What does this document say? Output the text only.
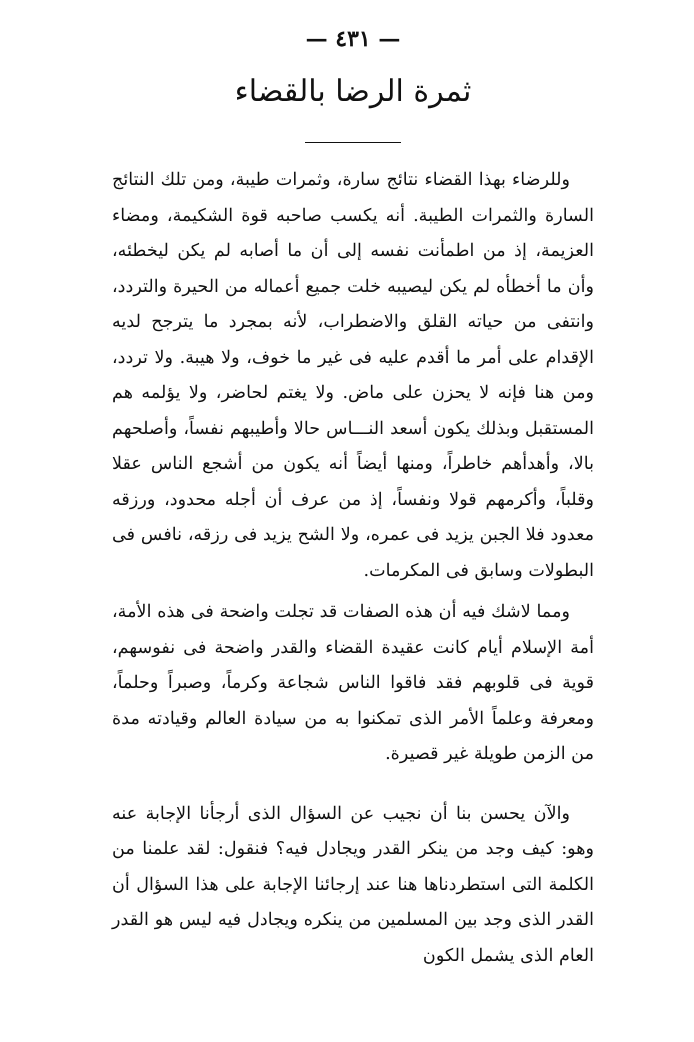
— ٤٣١ —
ثمرة الرضا بالقضاء

وللرضاء بهذا القضاء نتائج سارة، وثمرات طيبة، ومن تلك النتائج السارة والثمرات الطيبة. أنه يكسب صاحبه قوة الشكيمة، ومضاء العزيمة، إذ من اطمأنت نفسه إلى أن ما أصابه لم يكن ليخطئه، وأن ما أخطأه لم يكن ليصيبه خلت جميع أعماله من الحيرة والتردد، وانتفى من حياته القلق والاضطراب، لأنه بمجرد ما يترجح لديه الإقدام على أمر ما أقدم عليه فى غير ما خوف، ولا هيبة. ولا تردد، ومن هنا فإنه لا يحزن على ماض. ولا يغتم لحاضر، ولا يؤلمه هم المستقبل وبذلك يكون أسعد النـــاس حالا وأطيبهم نفساً، وأصلحهم بالا، وأهدأهم خاطراً، ومنها أيضاً أنه يكون من أشجع الناس عقلا وقلباً، وأكرمهم قولا ونفساً، إذ من عرف أن أجله محدود، ورزقه معدود فلا الجبن يزيد فى عمره، ولا الشح يزيد فى رزقه، نافس فى البطولات وسابق فى المكرمات.

ومما لاشك فيه أن هذه الصفات قد تجلت واضحة فى هذه الأمة، أمة الإسلام أيام كانت عقيدة القضاء والقدر واضحة فى نفوسهم، قوية فى قلوبهم فقد فاقوا الناس شجاعة وكرماً، وصبراً وحلماً، ومعرفة وعلماً الأمر الذى تمكنوا به من سيادة العالم وقيادته مدة من الزمن طويلة غير قصيرة.

والآن يحسن بنا أن نجيب عن السؤال الذى أرجأنا الإجابة عنه وهو: كيف وجد من ينكر القدر ويجادل فيه؟ فنقول: لقد علمنا من الكلمة التى استطردناها هنا عند إرجائنا الإجابة على هذا السؤال أن القدر الذى وجد بين المسلمين من ينكره ويجادل فيه ليس هو القدر العام الذى يشمل الكون
